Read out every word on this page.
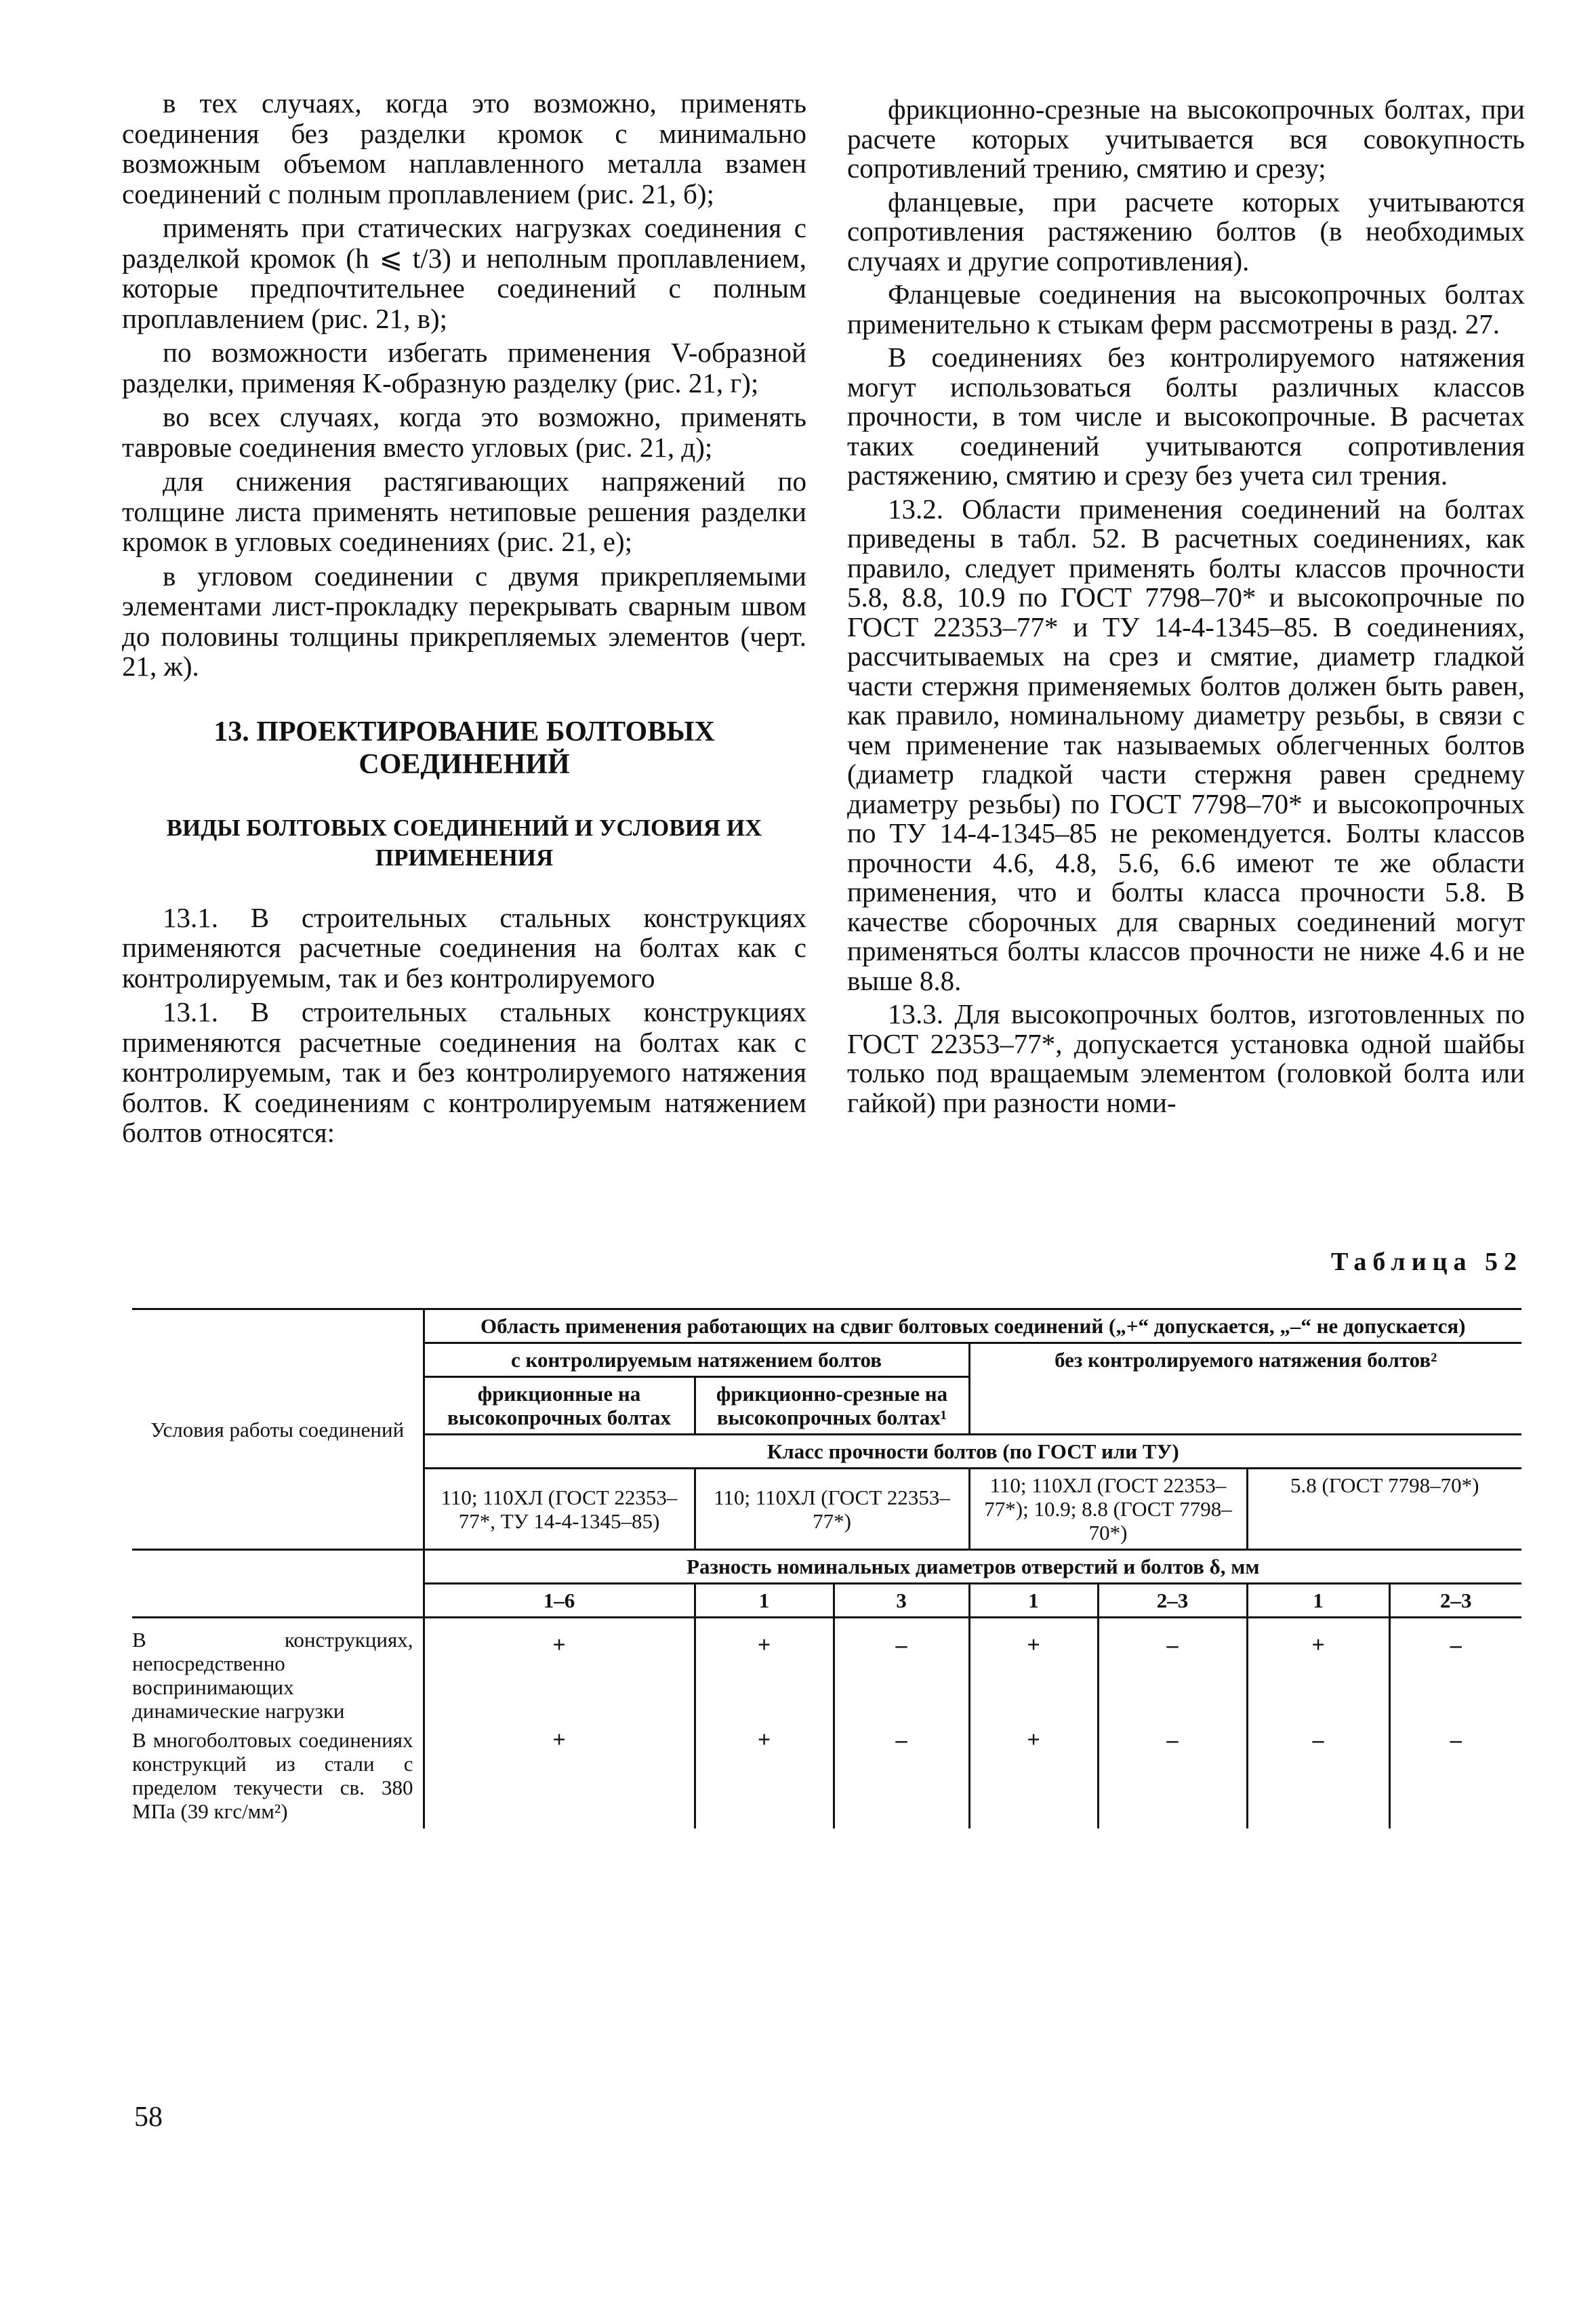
в тех случаях, когда это возможно, применять соединения без разделки кромок с минимально возможным объемом наплавленного металла взамен соединений с полным проплавлением (рис. 21, б);

применять при статических нагрузках соединения с разделкой кромок (h ⩽ t/3) и неполным проплавлением, которые предпочтительнее соединений с полным проплавлением (рис. 21, в);

по возможности избегать применения V-образной разделки, применяя K-образную разделку (рис. 21, г);

во всех случаях, когда это возможно, применять тавровые соединения вместо угловых (рис. 21, д);

для снижения растягивающих напряжений по толщине листа применять нетиповые решения разделки кромок в угловых соединениях (рис. 21, е);

в угловом соединении с двумя прикрепляемыми элементами лист-прокладку перекрывать сварным швом до половины толщины прикрепляемых элементов (черт. 21, ж).

13. ПРОЕКТИРОВАНИЕ БОЛТОВЫХ СОЕДИНЕНИЙ
ВИДЫ БОЛТОВЫХ СОЕДИНЕНИЙ И УСЛОВИЯ ИХ ПРИМЕНЕНИЯ

13.1. В строительных стальных конструкциях применяются расчетные соединения на болтах как с контролируемым, так и без контролируемого

13.1. В строительных стальных конструкциях применяются расчетные соединения на болтах как с контролируемым, так и без контролируемого натяжения болтов. К соединениям с контролируемым натяжением болтов относятся:

фрикционно-срезные на высокопрочных болтах, при расчете которых учитывается вся совокупность сопротивлений трению, смятию и срезу;

фланцевые, при расчете которых учитываются сопротивления растяжению болтов (в необходимых случаях и другие сопротивления).

Фланцевые соединения на высокопрочных болтах применительно к стыкам ферм рассмотрены в разд. 27.

В соединениях без контролируемого натяжения могут использоваться болты различных классов прочности, в том числе и высокопрочные. В расчетах таких соединений учитываются сопротивления растяжению, смятию и срезу без учета сил трения.

13.2. Области применения соединений на болтах приведены в табл. 52. В расчетных соединениях, как правило, следует применять болты классов прочности 5.8, 8.8, 10.9 по ГОСТ 7798–70* и высокопрочные по ГОСТ 22353–77* и ТУ 14-4-1345–85. В соединениях, рассчитываемых на срез и смятие, диаметр гладкой части стержня применяемых болтов должен быть равен, как правило, номинальному диаметру резьбы, в связи с чем применение так называемых облегченных болтов (диаметр гладкой части стержня равен среднему диаметру резьбы) по ГОСТ 7798–70* и высокопрочных по ТУ 14-4-1345–85 не рекомендуется. Болты классов прочности 4.6, 4.8, 5.6, 6.6 имеют те же области применения, что и болты класса прочности 5.8. В качестве сборочных для сварных соединений могут применяться болты классов прочности не ниже 4.6 и не выше 8.8.

13.3. Для высокопрочных болтов, изготовленных по ГОСТ 22353–77*, допускается установка одной шайбы только под вращаемым элементом (головкой болта или гайкой) при разности номи-

Таблица 52
Условия работы соединений	Область применения работающих на сдвиг болтовых соединений („+“ допускается, „–“ не допускается)						
	с контролируемым натяжением болтов			без контролируемого натяжения болтов²			
	фрикционные на высокопрочных болтах	фрикционно-срезные на высокопрочных болтах¹					
	Класс прочности болтов (по ГОСТ или ТУ)						
	110; 110ХЛ (ГОСТ 22353–77*, ТУ 14-4-1345–85)	110; 110ХЛ (ГОСТ 22353–77*)		110; 110ХЛ (ГОСТ 22353–77*); 10.9; 8.8 (ГОСТ 7798–70*)		5.8 (ГОСТ 7798–70*)	
	Разность номинальных диаметров отверстий и болтов δ, мм						
	1–6	1	3	1	2–3	1	2–3
В конструкциях, непосредственно воспринимающих динамические нагрузки	+	+	–	+	–	+	–
В многоболтовых соединениях конструкций из стали с пределом текучести св. 380 МПа (39 кгс/мм²)	+	+	–	+	–	–	–
58
